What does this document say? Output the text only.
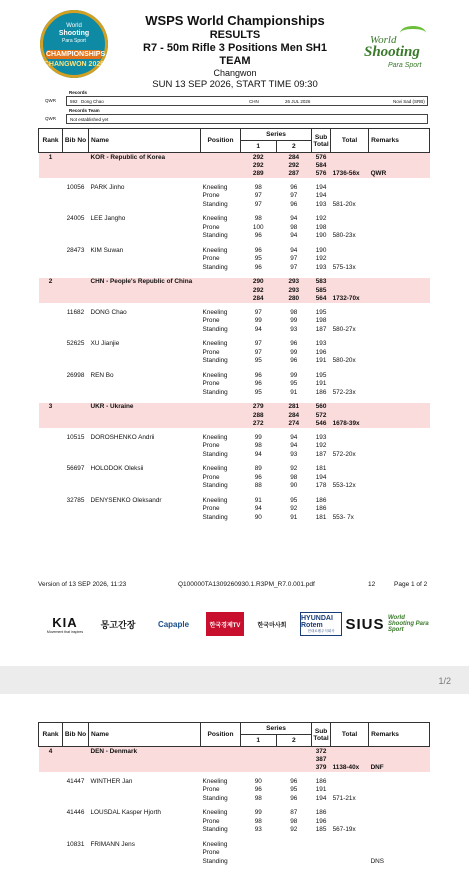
World
Shooting
Para Sport
CHAMPIONSHIPS
CHANGWON 2026
WSPS World Championships
RESULTS
R7 - 50m Rifle 3 Positions Men SH1
TEAM
Changwon
SUN 13 SEP 2026, START TIME 09:30
World
Shooting
Para Sport
QWR
Records
592 Dong Chao	CHN	26 JUL 2026	Novi Sad (SRB)
QWR
Records Team
Not established yet
Rank	Bib No	Name	Position	Series		Sub Total	Total	Remarks
				1	2			
1		KOR - Republic of Korea		292	284	576		
				292	292	584		
				289	287	576	1736-56x	QWR

	10056	PARK Jinho	Kneeling	98	96	194		
			Prone	97	97	194		
			Standing	97	96	193	581-20x	

	24005	LEE Jangho	Kneeling	98	94	192		
			Prone	100	98	198		
			Standing	96	94	190	580-23x	

	28473	KIM Suwan	Kneeling	96	94	190		
			Prone	95	97	192		
			Standing	96	97	193	575-13x	

2		CHN - People's Republic of China		290	293	583		
				292	293	585		
				284	280	564	1732-70x	

	11682	DONG Chao	Kneeling	97	98	195		
			Prone	99	99	198		
			Standing	94	93	187	580-27x	

	52625	XU Jianjie	Kneeling	97	96	193		
			Prone	97	99	196		
			Standing	95	96	191	580-20x	

	26998	REN Bo	Kneeling	96	99	195		
			Prone	96	95	191		
			Standing	95	91	186	572-23x	

3		UKR - Ukraine		279	281	560		
				288	284	572		
				272	274	546	1678-39x	

	10515	DOROSHENKO Andrii	Kneeling	99	94	193		
			Prone	98	94	192		
			Standing	94	93	187	572-20x	

	56697	HOLODOK Oleksii	Kneeling	89	92	181		
			Prone	96	98	194		
			Standing	88	90	178	553-12x	

	32785	DENYSENKO Oleksandr	Kneeling	91	95	186		
			Prone	94	92	186		
			Standing	90	91	181	553- 7x	

Version of 13 SEP 2026, 11:23	Q100000TA1309260930.1.R3PM_R7.0.001.pdf	12	Page 1 of 2
KIA
Movement that inspires
몽고간장	Capaple	한국경제TV	한국마사회
HYUNDAI Rotem
현대로템주식회사 SIUS World Shooting Para Sport
1/2
Rank	Bib No	Name	Position	Series		Sub Total	Total	Remarks
				1	2			
4		DEN - Denmark				372		
						387		
						379	1138-40x	DNF

	41447	WINTHER Jan	Kneeling	90	96	186		
			Prone	96	95	191		
			Standing	98	96	194	571-21x	

	41446	LOUSDAL Kasper Hjorth	Kneeling	99	87	186		
			Prone	98	98	196		
			Standing	93	92	185	567-19x	

	10831	FRIMANN Jens	Kneeling					
			Prone					
			Standing					DNS
